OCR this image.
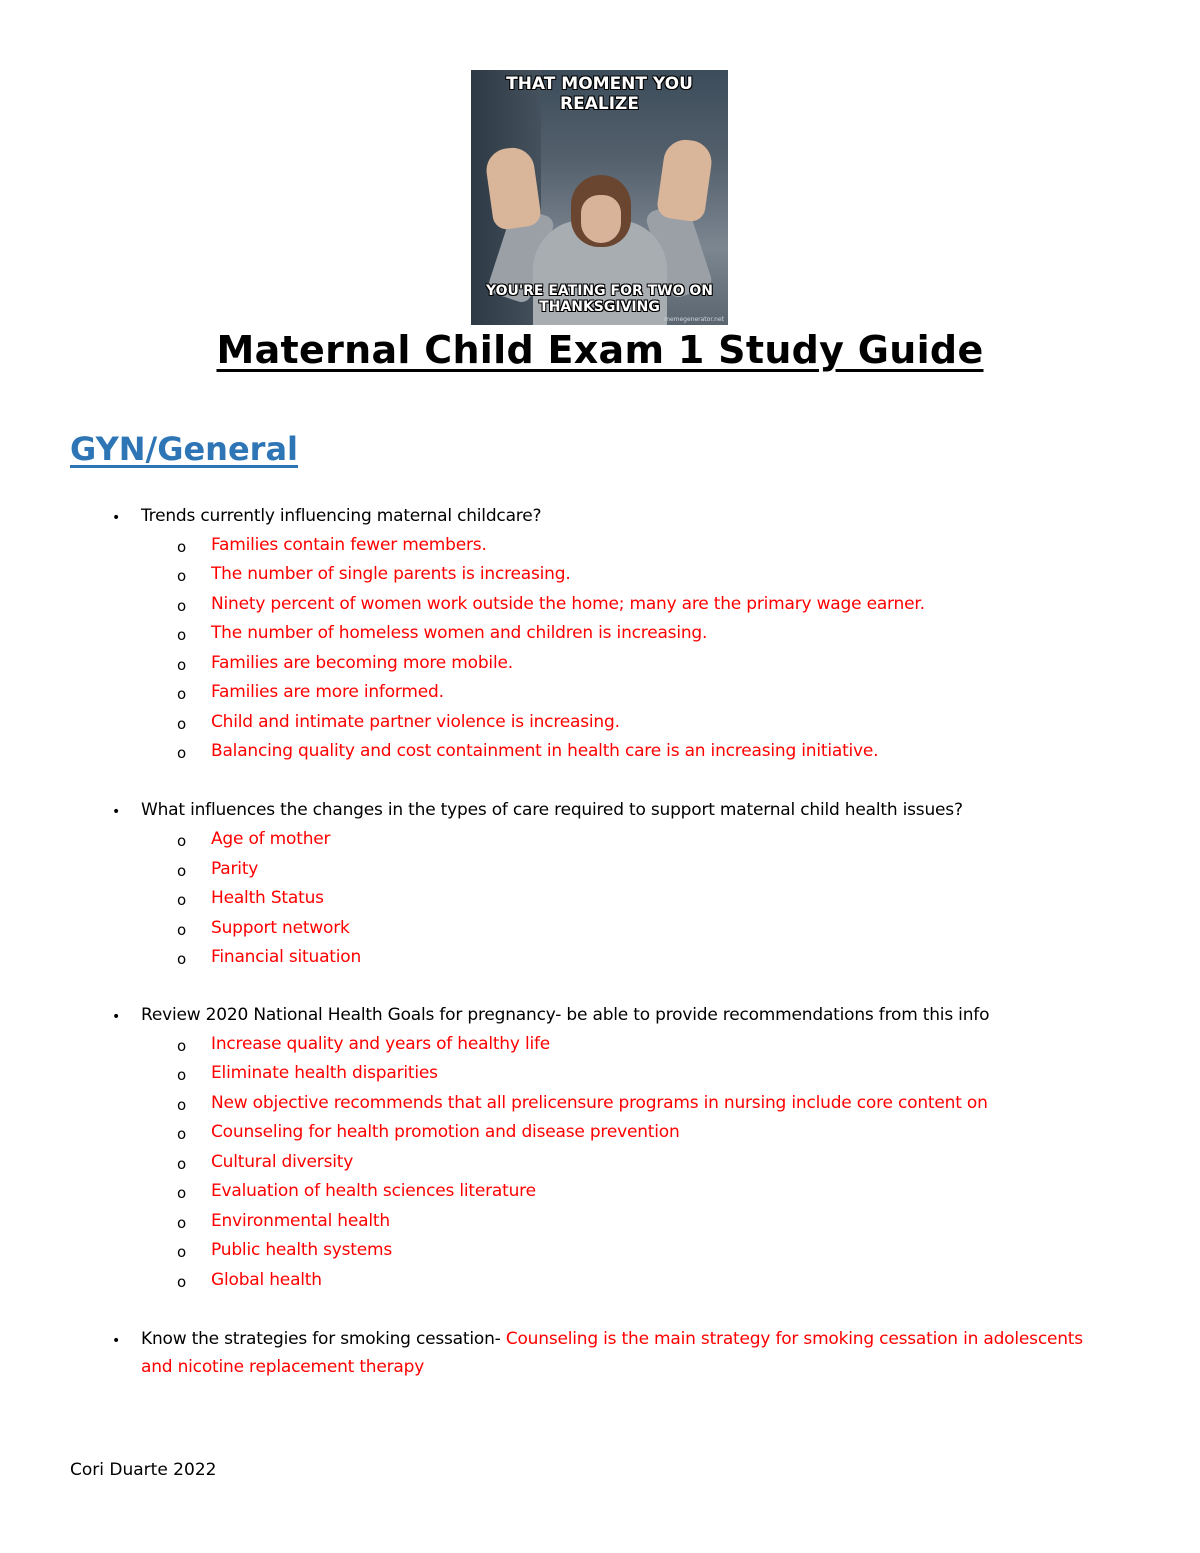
THAT MOMENT YOU REALIZE
YOU'RE EATING FOR TWO ON THANKSGIVING
memegenerator.net
Maternal Child Exam 1 Study Guide
GYN/General
• Trends currently influencing maternal childcare?
o Families contain fewer members.
o The number of single parents is increasing.
o Ninety percent of women work outside the home; many are the primary wage earner.
o The number of homeless women and children is increasing.
o Families are becoming more mobile.
o Families are more informed.
o Child and intimate partner violence is increasing.
o Balancing quality and cost containment in health care is an increasing initiative.
• What influences the changes in the types of care required to support maternal child health issues?
o Age of mother
o Parity
o Health Status
o Support network
o Financial situation
• Review 2020 National Health Goals for pregnancy- be able to provide recommendations from this info
o Increase quality and years of healthy life
o Eliminate health disparities
o New objective recommends that all prelicensure programs in nursing include core content on
o Counseling for health promotion and disease prevention
o Cultural diversity
o Evaluation of health sciences literature
o Environmental health
o Public health systems
o Global health
• Know the strategies for smoking cessation- Counseling is the main strategy for smoking cessation in adolescents
and nicotine replacement therapy
Cori Duarte 2022
